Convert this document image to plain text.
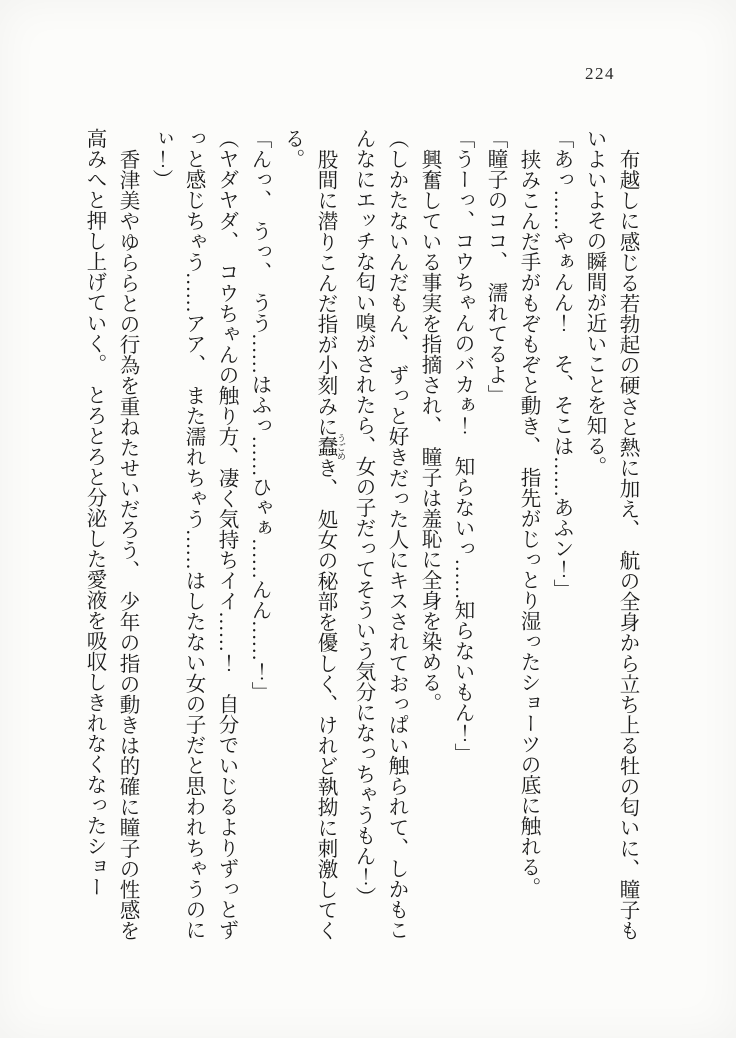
224

布越しに感じる若勃起の硬さと熱に加え、　航の全身から立ち上る牡の匂いに、瞳子もいよいよその瞬間が近いことを知る。

「あっ……やぁんん！　そ、そこは……あふン！」

挟みこんだ手がもぞもぞと動き、　指先がじっとり湿ったショーツの底に触れる。

「瞳子のココ、　濡れてるよ」

「うーっ、コウちゃんのバカぁ！　知らないっ……知らないもん！」

興奮している事実を指摘され、　瞳子は羞恥に全身を染める。

（しかたないんだもん、　ずっと好きだった人にキスされておっぱい触られて、しかもこんなにエッチな匂い嗅がされたら、女の子だってそういう気分になっちゃうもん！）

股間に潜りこんだ指が小刻みに蠢 うごめき、　処女の秘部を優しく、けれど執拗に刺激してくる。

「んっ、　うっ、　うう……はふっ……ひゃぁ……んん……！」

（ヤダヤダ、　コウちゃんの触り方、凄く気持ちイイ……！　自分でいじるよりずっとずっと感じちゃう……アア、　また濡れちゃう……はしたない女の子だと思われちゃうのにぃ！）

香津美やゆららとの行為を重ねたせいだろう、　少年の指の動きは的確に瞳子の性感を高みへと押し上げていく。　とろとろと分泌した愛液を吸収しきれなくなったショー
